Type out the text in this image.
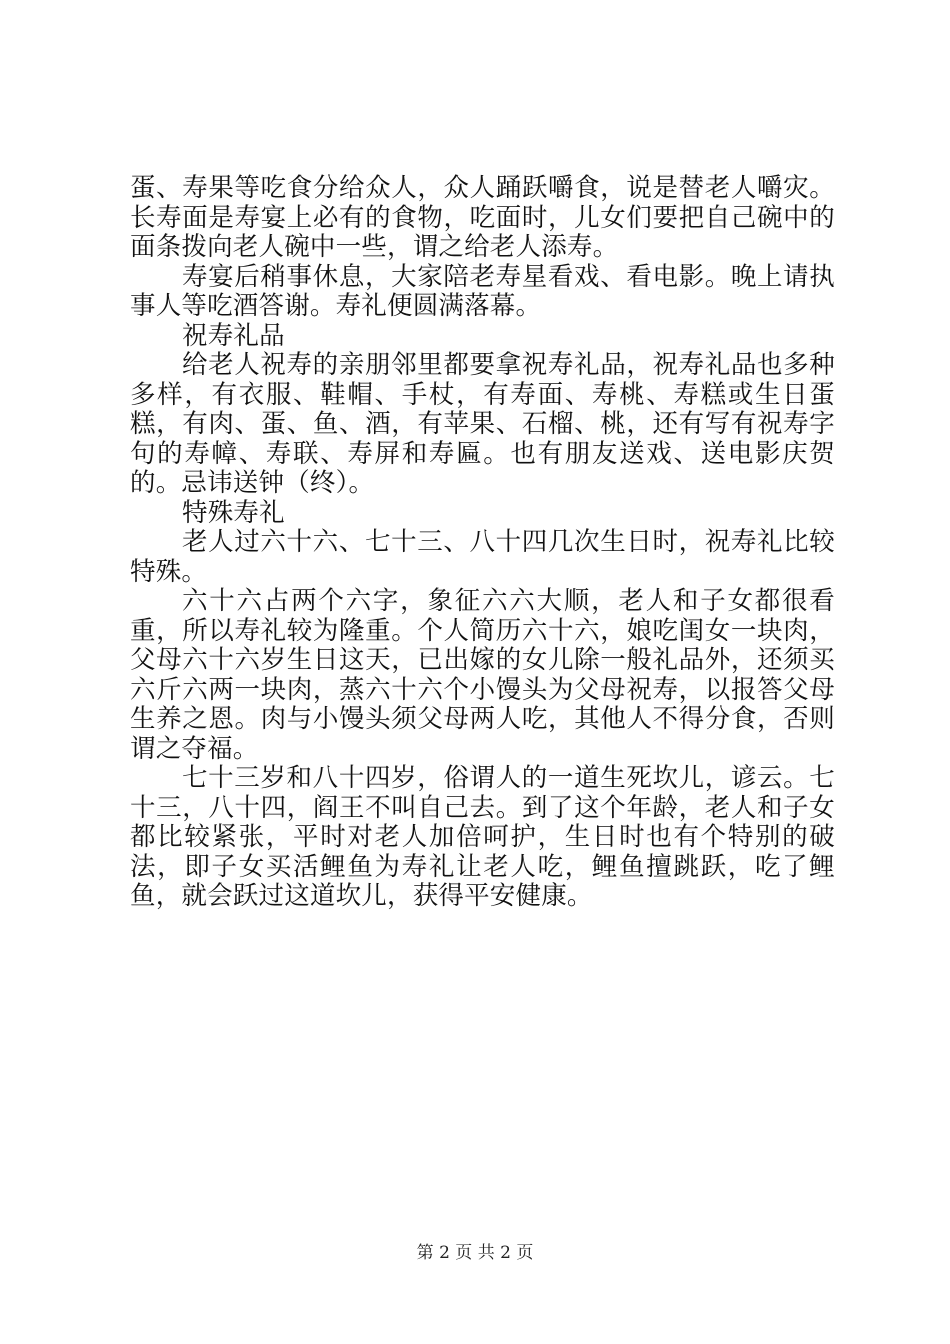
蛋、寿果等吃食分给众人，众人踊跃嚼食，说是替老人嚼灾。长寿面是寿宴上必有的食物，吃面时，儿女们要把自己碗中的面条拨向老人碗中一些，谓之给老人添寿。

寿宴后稍事休息，大家陪老寿星看戏、看电影。晚上请执事人等吃酒答谢。寿礼便圆满落幕。

祝寿礼品

给老人祝寿的亲朋邻里都要拿祝寿礼品，祝寿礼品也多种多样，有衣服、鞋帽、手杖，有寿面、寿桃、寿糕或生日蛋糕，有肉、蛋、鱼、酒，有苹果、石榴、桃，还有写有祝寿字句的寿幛、寿联、寿屏和寿匾。也有朋友送戏、送电影庆贺的。忌讳送钟（终）。

特殊寿礼

老人过六十六、七十三、八十四几次生日时，祝寿礼比较特殊。

六十六占两个六字，象征六六大顺，老人和子女都很看重，所以寿礼较为隆重。个人简历六十六，娘吃闺女一块肉，父母六十六岁生日这天，已出嫁的女儿除一般礼品外，还须买六斤六两一块肉，蒸六十六个小馒头为父母祝寿，以报答父母生养之恩。肉与小馒头须父母两人吃，其他人不得分食，否则谓之夺福。

七十三岁和八十四岁，俗谓人的一道生死坎儿，谚云。七十三，八十四，阎王不叫自己去。到了这个年龄，老人和子女都比较紧张，平时对老人加倍呵护，生日时也有个特别的破法，即子女买活鲤鱼为寿礼让老人吃，鲤鱼擅跳跃，吃了鲤鱼，就会跃过这道坎儿，获得平安健康。

第 2 页 共 2 页
